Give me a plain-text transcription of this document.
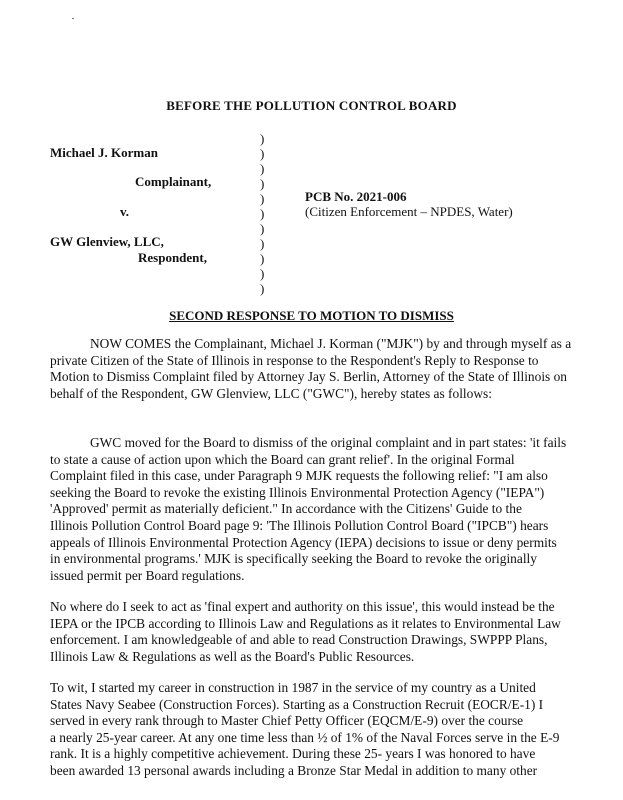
BEFORE THE POLLUTION CONTROL BOARD
)
)
)
)
)
)
)
)
)
)
)
Michael J. Korman
Complainant,
v.
GW Glenview, LLC,
Respondent,
PCB No. 2021-006
(Citizen Enforcement – NPDES, Water)
SECOND RESPONSE TO MOTION TO DISMISS
NOW COMES the Complainant, Michael J. Korman ("MJK") by and through myself as a
private Citizen of the State of Illinois in response to the Respondent's Reply to Response to
Motion to Dismiss Complaint filed by Attorney Jay S. Berlin, Attorney of the State of Illinois on
behalf of the Respondent, GW Glenview, LLC ("GWC"), hereby states as follows:
GWC moved for the Board to dismiss of the original complaint and in part states: 'it fails
to state a cause of action upon which the Board can grant relief'. In the original Formal
Complaint filed in this case, under Paragraph 9 MJK requests the following relief: "I am also
seeking the Board to revoke the existing Illinois Environmental Protection Agency ("IEPA")
'Approved' permit as materially deficient." In accordance with the Citizens' Guide to the
Illinois Pollution Control Board page 9: 'The Illinois Pollution Control Board ("IPCB") hears
appeals of Illinois Environmental Protection Agency (IEPA) decisions to issue or deny permits
in environmental programs.' MJK is specifically seeking the Board to revoke the originally
issued permit per Board regulations.
No where do I seek to act as 'final expert and authority on this issue', this would instead be the
IEPA or the IPCB according to Illinois Law and Regulations as it relates to Environmental Law
enforcement. I am knowledgeable of and able to read Construction Drawings, SWPPP Plans,
Illinois Law & Regulations as well as the Board's Public Resources.
To wit, I started my career in construction in 1987 in the service of my country as a United
States Navy Seabee (Construction Forces). Starting as a Construction Recruit (EOCR/E-1) I
served in every rank through to Master Chief Petty Officer (EQCM/E-9) over the course
a nearly 25-year career. At any one time less than ½ of 1% of the Naval Forces serve in the E-9
rank. It is a highly competitive achievement. During these 25- years I was honored to have
been awarded 13 personal awards including a Bronze Star Medal in addition to many other
